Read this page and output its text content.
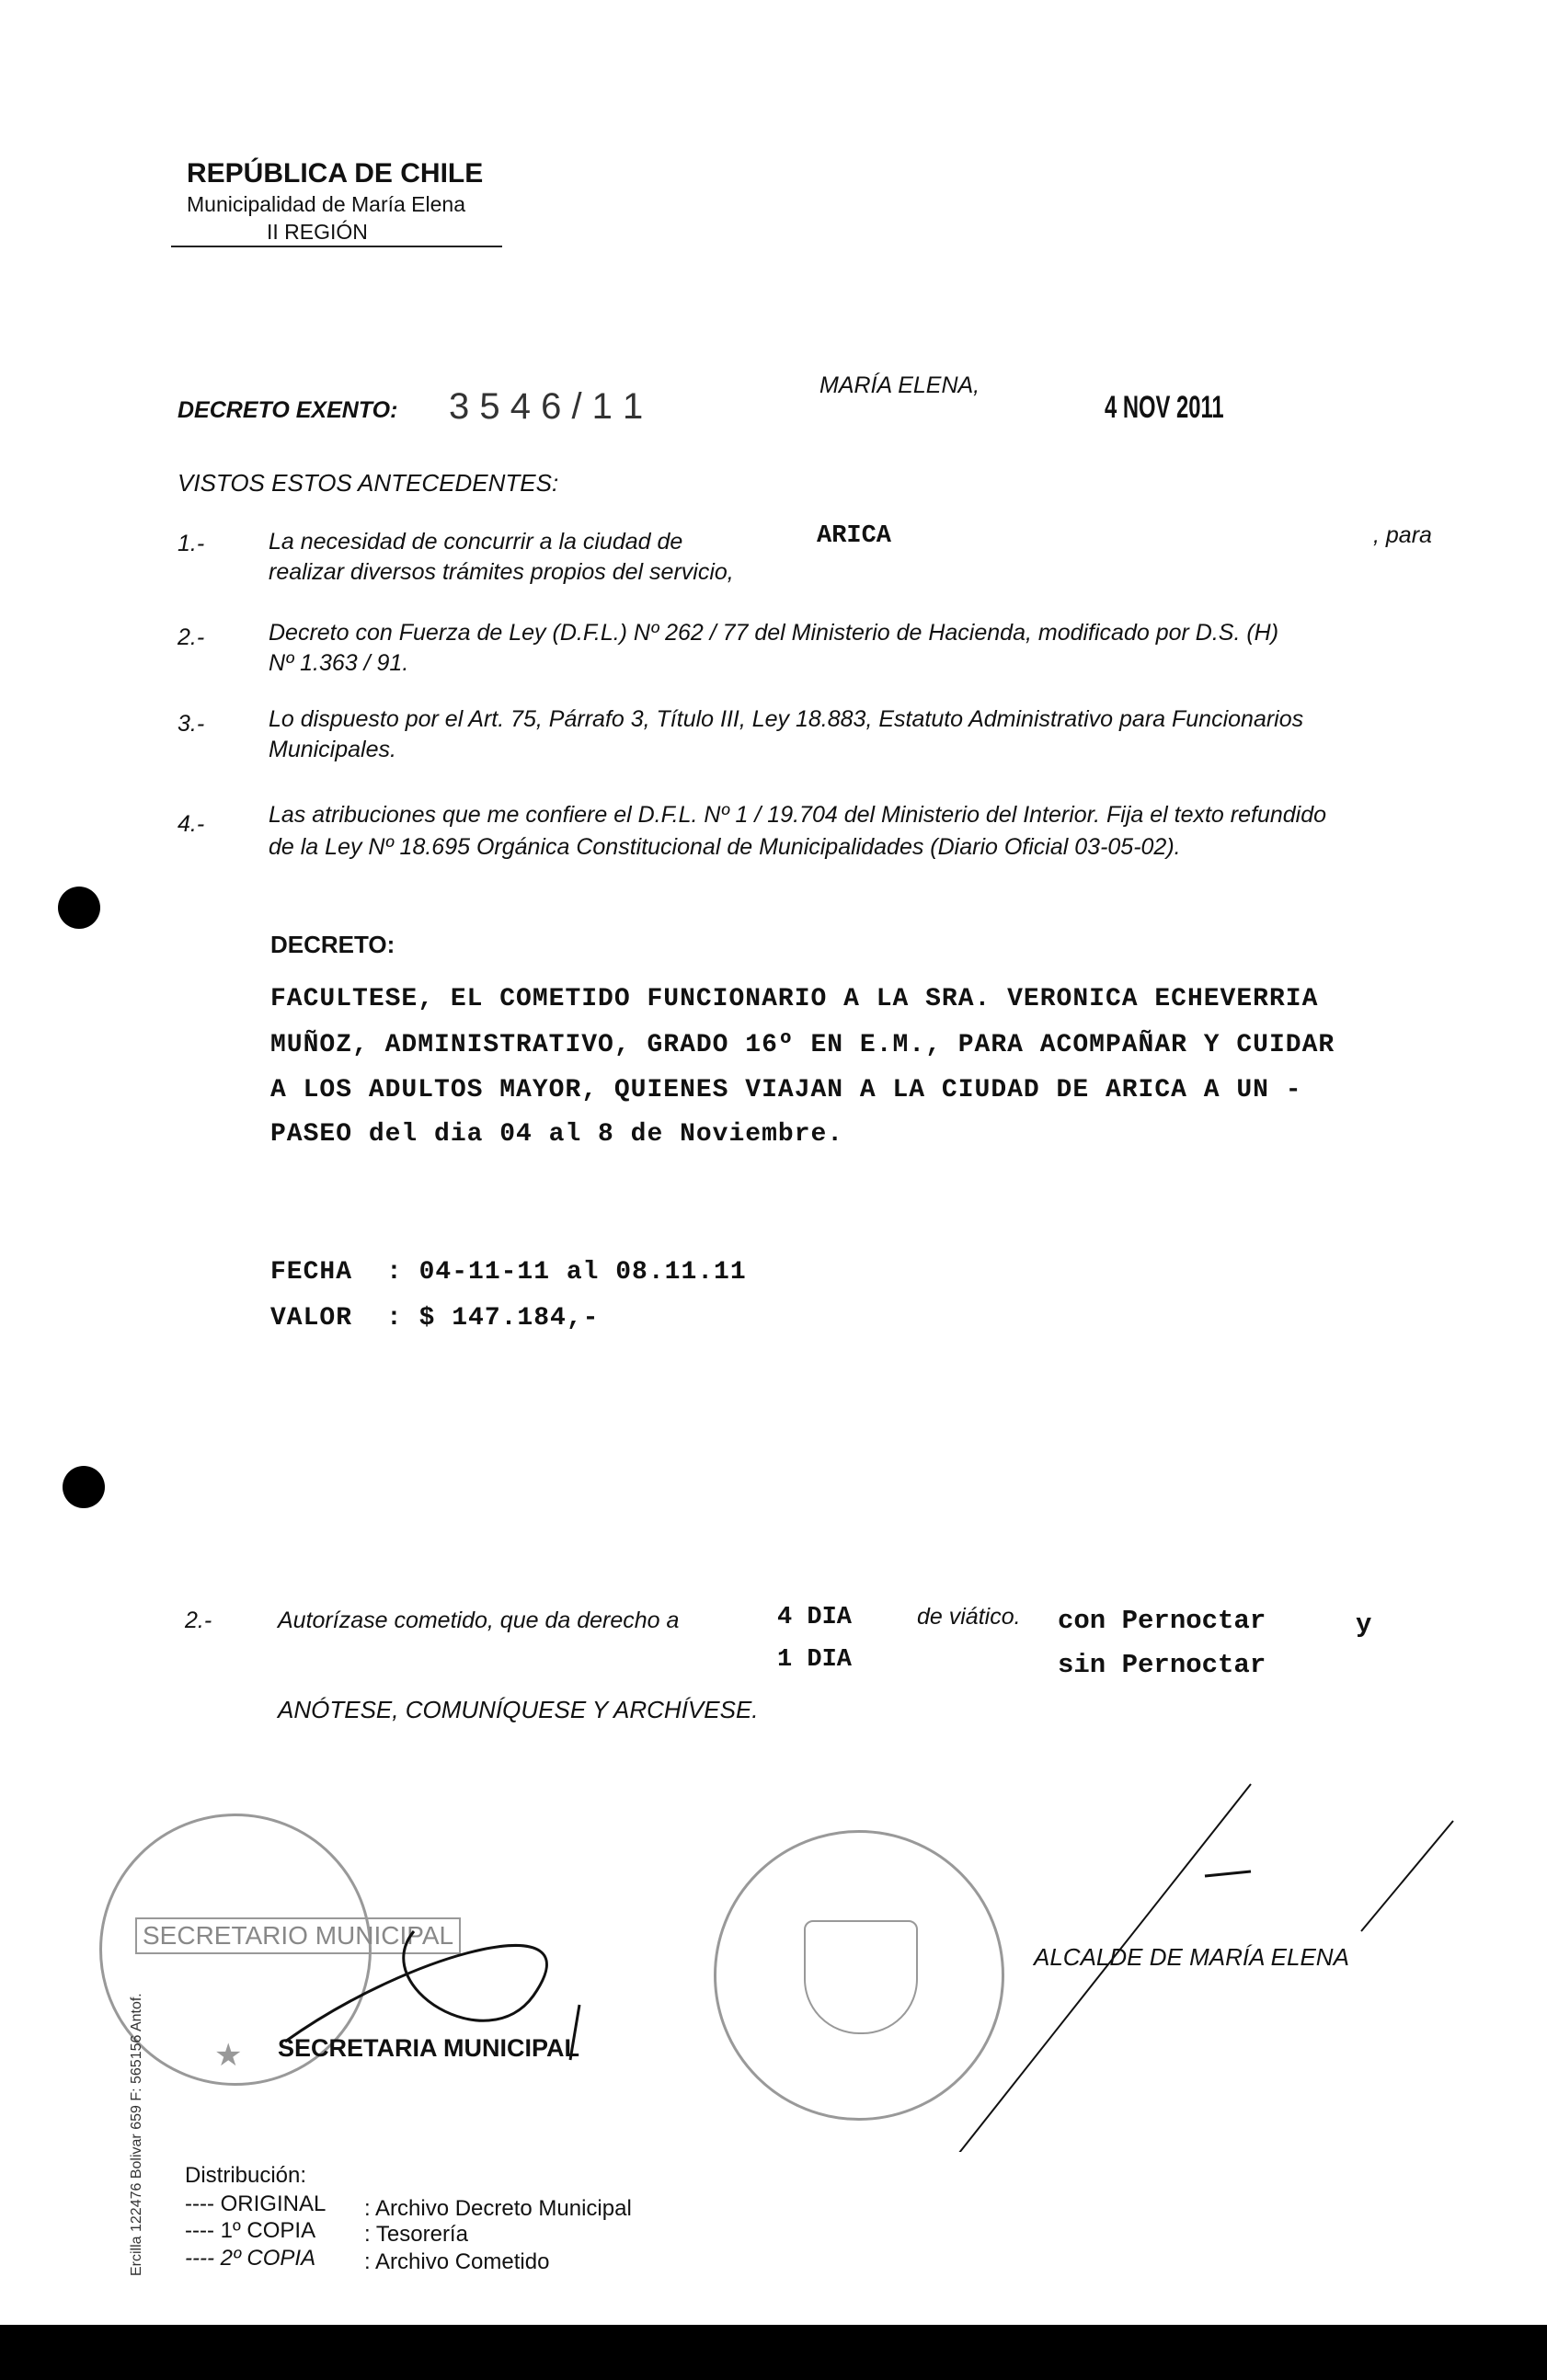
REPÚBLICA DE CHILE
Municipalidad de María Elena
II REGIÓN
DECRETO EXENTO: 3 5 4 6 / 1 1
MARÍA ELENA,
4 NOV 2011
VISTOS ESTOS ANTECEDENTES:
1.-	La necesidad de concurrir a la ciudad de	ARICA	, para
realizar diversos trámites propios del servicio,
2.-	Decreto con Fuerza de Ley (D.F.L.) Nº 262 / 77 del Ministerio de Hacienda, modificado por D.S. (H)
Nº 1.363 / 91.
3.-	Lo dispuesto por el Art. 75, Párrafo 3, Título III, Ley 18.883, Estatuto Administrativo para Funcionarios
Municipales.
4.-	Las atribuciones que me confiere el D.F.L. Nº 1 / 19.704 del Ministerio del Interior. Fija el texto refundido
de la Ley Nº 18.695 Orgánica Constitucional de Municipalidades (Diario Oficial 03-05-02).
DECRETO:
FACULTESE, EL COMETIDO FUNCIONARIO A LA SRA. VERONICA ECHEVERRIA
MUÑOZ, ADMINISTRATIVO, GRADO 16º EN E.M., PARA ACOMPAÑAR Y CUIDAR
A LOS ADULTOS MAYOR, QUIENES VIAJAN A LA CIUDAD DE ARICA A UN -
PASEO del dia 04 al 8 de Noviembre.
FECHA : 04-11-11 al 08.11.11
VALOR : $ 147.184,-
2.-	Autorízase cometido, que da derecho a	4 DIA	de viático. con Pernoctar	y
1 DIA	sin Pernoctar
ANÓTESE, COMUNÍQUESE Y ARCHÍVESE.
SECRETARIO MUNICIPAL
★ SECRETARIA MUNICIPAL
ALCALDE DE MARÍA ELENA
Distribución:
---- ORIGINAL : Archivo Decreto Municipal
---- 1º COPIA : Tesorería
---- 2º COPIA : Archivo Cometido
Ercilla 122476 Bolivar 659 F: 565156 Antof.
